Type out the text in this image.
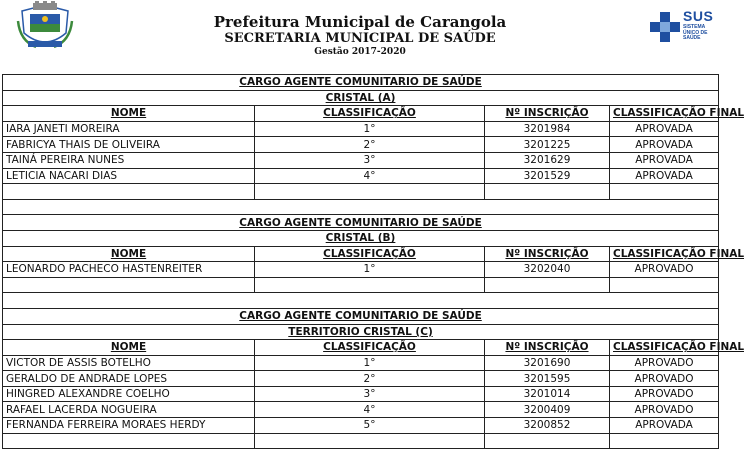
Prefeitura Municipal de Carangola
SECRETARIA MUNICIPAL DE SAÚDE
Gestão 2017-2020
SUS
SISTEMA ÚNICO DE SAÚDE
CARGO AGENTE COMUNITARIO DE SAÚDE			
CRISTAL (A)			
NOME	CLASSIFICAÇÃO	Nº INSCRIÇÃO	CLASSIFICAÇÃO FINAL
IARA JANETI MOREIRA	1°	3201984	APROVADA
FABRICYA THAIS DE OLIVEIRA	2°	3201225	APROVADA
TAINÁ PEREIRA NUNES	3°	3201629	APROVADA
LETICIA NACARI DIAS	4°	3201529	APROVADA

CARGO AGENTE COMUNITARIO DE SAÚDE			
CRISTAL (B)			
NOME	CLASSIFICAÇÃO	Nº INSCRIÇÃO	CLASSIFICAÇÃO FINAL
LEONARDO PACHECO HASTENREITER	1°	3202040	APROVADO

CARGO AGENTE COMUNITARIO DE SAÚDE			
TERRITORIO CRISTAL (C)			
NOME	CLASSIFICAÇÃO	Nº INSCRIÇÃO	CLASSIFICAÇÃO FINAL
VICTOR DE ASSIS BOTELHO	1°	3201690	APROVADO
GERALDO DE ANDRADE LOPES	2°	3201595	APROVADO
HINGRED ALEXANDRE COELHO	3°	3201014	APROVADO
RAFAEL LACERDA NOGUEIRA	4°	3200409	APROVADO
FERNANDA FERREIRA MORAES HERDY	5°	3200852	APROVADA
